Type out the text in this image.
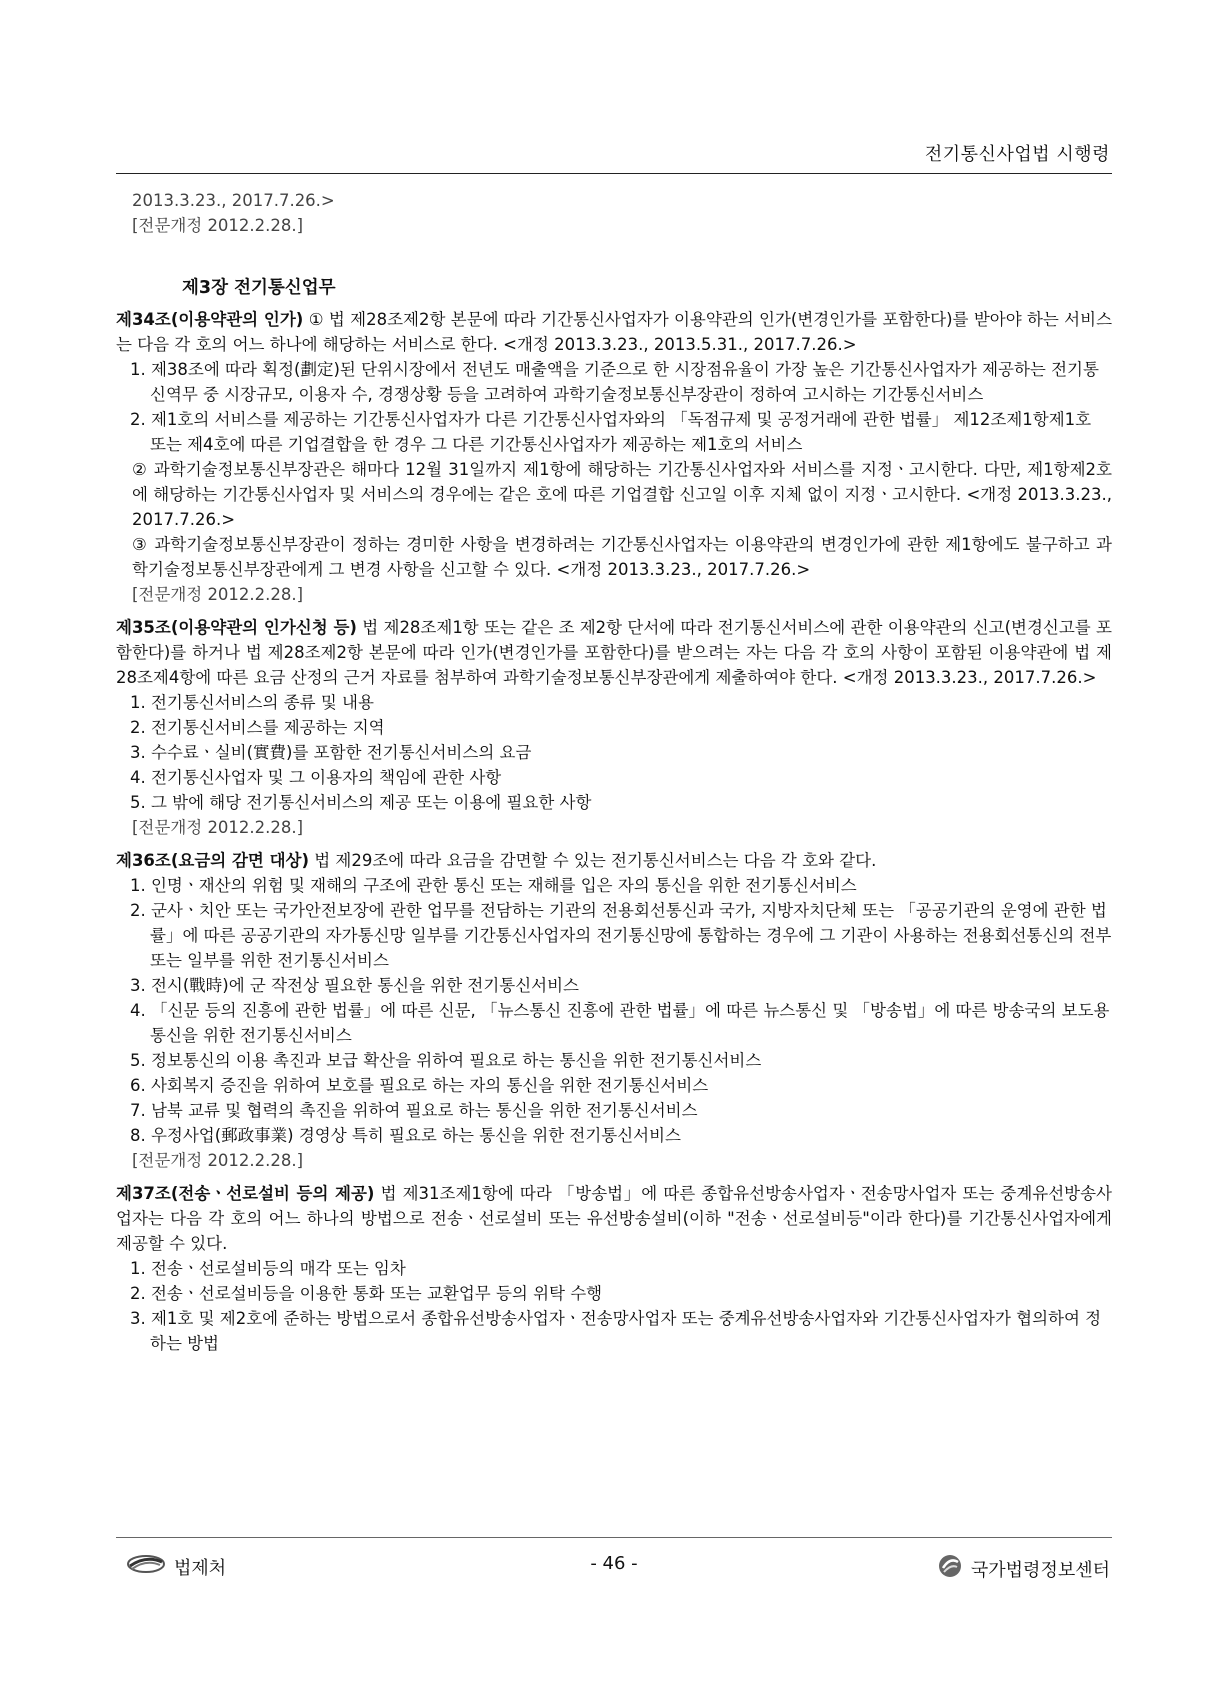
전기통신사업법 시행령

2013.3.23., 2017.7.26.>

[전문개정 2012.2.28.]

제3장 전기통신업무

제34조(이용약관의 인가) ① 법 제28조제2항 본문에 따라 기간통신사업자가 이용약관의 인가(변경인가를 포함한다)를 받아야 하는 서비스는 다음 각 호의 어느 하나에 해당하는 서비스로 한다. <개정 2013.3.23., 2013.5.31., 2017.7.26.>

1. 제38조에 따라 획정(劃定)된 단위시장에서 전년도 매출액을 기준으로 한 시장점유율이 가장 높은 기간통신사업자가 제공하는 전기통신역무 중 시장규모, 이용자 수, 경쟁상황 등을 고려하여 과학기술정보통신부장관이 정하여 고시하는 기간통신서비스

2. 제1호의 서비스를 제공하는 기간통신사업자가 다른 기간통신사업자와의 「독점규제 및 공정거래에 관한 법률」 제12조제1항제1호 또는 제4호에 따른 기업결합을 한 경우 그 다른 기간통신사업자가 제공하는 제1호의 서비스

② 과학기술정보통신부장관은 해마다 12월 31일까지 제1항에 해당하는 기간통신사업자와 서비스를 지정ㆍ고시한다. 다만, 제1항제2호에 해당하는 기간통신사업자 및 서비스의 경우에는 같은 호에 따른 기업결합 신고일 이후 지체 없이 지정ㆍ고시한다. <개정 2013.3.23., 2017.7.26.>

③ 과학기술정보통신부장관이 정하는 경미한 사항을 변경하려는 기간통신사업자는 이용약관의 변경인가에 관한 제1항에도 불구하고 과학기술정보통신부장관에게 그 변경 사항을 신고할 수 있다. <개정 2013.3.23., 2017.7.26.>

[전문개정 2012.2.28.]

제35조(이용약관의 인가신청 등) 법 제28조제1항 또는 같은 조 제2항 단서에 따라 전기통신서비스에 관한 이용약관의 신고(변경신고를 포함한다)를 하거나 법 제28조제2항 본문에 따라 인가(변경인가를 포함한다)를 받으려는 자는 다음 각 호의 사항이 포함된 이용약관에 법 제28조제4항에 따른 요금 산정의 근거 자료를 첨부하여 과학기술정보통신부장관에게 제출하여야 한다. <개정 2013.3.23., 2017.7.26.>

1. 전기통신서비스의 종류 및 내용

2. 전기통신서비스를 제공하는 지역

3. 수수료ㆍ실비(實費)를 포함한 전기통신서비스의 요금

4. 전기통신사업자 및 그 이용자의 책임에 관한 사항

5. 그 밖에 해당 전기통신서비스의 제공 또는 이용에 필요한 사항

[전문개정 2012.2.28.]

제36조(요금의 감면 대상) 법 제29조에 따라 요금을 감면할 수 있는 전기통신서비스는 다음 각 호와 같다.

1. 인명ㆍ재산의 위험 및 재해의 구조에 관한 통신 또는 재해를 입은 자의 통신을 위한 전기통신서비스

2. 군사ㆍ치안 또는 국가안전보장에 관한 업무를 전담하는 기관의 전용회선통신과 국가, 지방자치단체 또는 「공공기관의 운영에 관한 법률」에 따른 공공기관의 자가통신망 일부를 기간통신사업자의 전기통신망에 통합하는 경우에 그 기관이 사용하는 전용회선통신의 전부 또는 일부를 위한 전기통신서비스

3. 전시(戰時)에 군 작전상 필요한 통신을 위한 전기통신서비스

4. 「신문 등의 진흥에 관한 법률」에 따른 신문, 「뉴스통신 진흥에 관한 법률」에 따른 뉴스통신 및 「방송법」에 따른 방송국의 보도용 통신을 위한 전기통신서비스

5. 정보통신의 이용 촉진과 보급 확산을 위하여 필요로 하는 통신을 위한 전기통신서비스

6. 사회복지 증진을 위하여 보호를 필요로 하는 자의 통신을 위한 전기통신서비스

7. 남북 교류 및 협력의 촉진을 위하여 필요로 하는 통신을 위한 전기통신서비스

8. 우정사업(郵政事業) 경영상 특히 필요로 하는 통신을 위한 전기통신서비스

[전문개정 2012.2.28.]

제37조(전송ㆍ선로설비 등의 제공) 법 제31조제1항에 따라 「방송법」에 따른 종합유선방송사업자ㆍ전송망사업자 또는 중계유선방송사업자는 다음 각 호의 어느 하나의 방법으로 전송ㆍ선로설비 또는 유선방송설비(이하 "전송ㆍ선로설비등"이라 한다)를 기간통신사업자에게 제공할 수 있다.

1. 전송ㆍ선로설비등의 매각 또는 임차

2. 전송ㆍ선로설비등을 이용한 통화 또는 교환업무 등의 위탁 수행

3. 제1호 및 제2호에 준하는 방법으로서 종합유선방송사업자ㆍ전송망사업자 또는 중계유선방송사업자와 기간통신사업자가 협의하여 정하는 방법

법제처	- 46 -	국가법령정보센터
